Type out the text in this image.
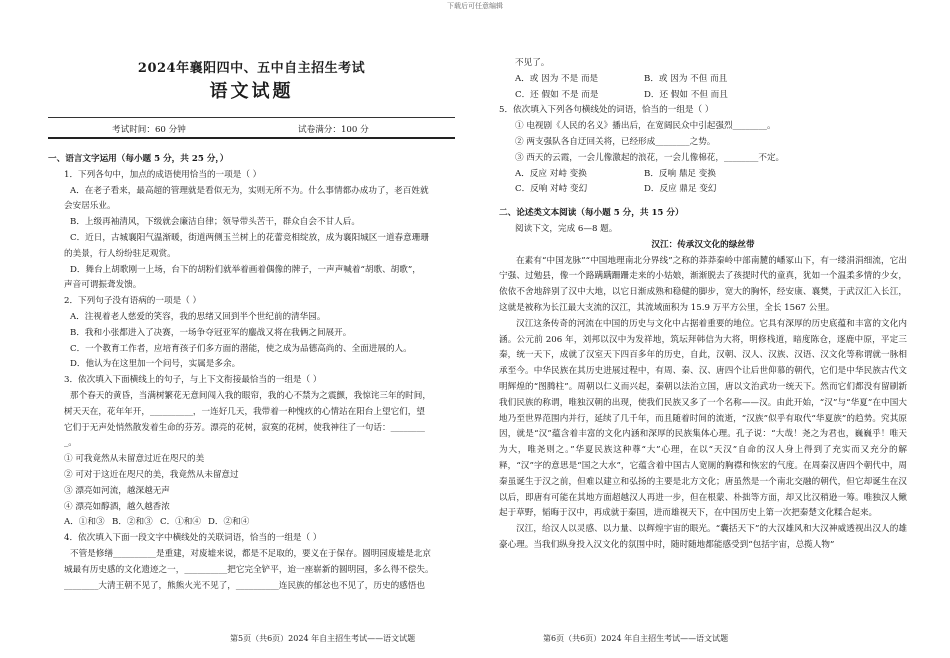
下载后可任意编辑
2024年襄阳四中、五中自主招生考试
语文试题
考试时间：60 分钟	试卷满分：100 分
一、语言文字运用（每小题 5 分，共 25 分，）
1．下列各句中，加点的成语使用恰当的一项是（ ）
A．在老子看来，最高超的管理就是看似无为，实则无所不为。什么事情都办成功了，老百姓就
会安居乐业。
B．上级再袖清风，下级就会廉洁自律；领导带头苦干，群众自会不甘人后。
C．近日，古城襄阳气温渐暖，街道两侧玉兰树上的花蕾竞相绽放，成为襄阳城区一道春意珊珊
的美景，行人纷纷驻足观赏。
D．舞台上胡歌刚一上场，台下的胡粉们就举着画着偶像的牌子，一声声喊着“胡歌、胡歌”，
声音可谓振聋发馈。
2．下列句子没有语病的一项是（ ）
A．注视着老人慈爱的笑容，我的思绪又回到半个世纪前的清华园。
B．我和小张都进入了决赛，一场争夺冠亚军的鏖战又将在我俩之间展开。
C．一个教育工作者，应培育孩子们多方面的潜能，使之成为品德高尚的、全面进展的人。
D．他认为在这里加一个问号，实属是多余。
3．依次填入下面横线上的句子，与上下文衔接最恰当的一组是（ ）
那个春天的黄昏，当满树繁花无意间闯入我的眼帘，我的心不禁为之震颤，我惊诧三年的时间，
树天天在，花年年开，__________，一连好几天，我带着一种愧疚的心情站在阳台上望它们，望
它们于无声处悄然散发着生命的芬芳。漂亮的花树，寂寞的花树，使我神往了一句话：________
_。
① 可我竟然从未留意过近在咫尺的美
② 可对于这近在咫尺的美，我竟然从未留意过
③ 漂亮如河流，越深越无声
④ 漂亮如醇酒，越久越香浓
A．①和③ B．②和③ C．①和④ D．②和④
4．依次填入下面一段文字中横线处的关联词语，恰当的一组是（ ）
不管是修缮__________是重建，对废墟来说，都是不足取的，要义在于保存。圆明园废墟是北京
城最有历史感的文化遗迹之一，__________把它完全铲平，迨一座崭新的圆明园，多么得不偿失。
________大清王朝不见了，熊熊火光不见了，__________连民族的郁忿也不见了，历史的感悟也
不见了。
A．或 因为 不是 而是	B．或 因为 不但 而且
C．还 假如 不是 而是	D．还 假如 不但 而且
5．依次填入下列各句横线处的词语，恰当的一组是（ ）
① 电视剧《人民的名义》播出后，在宽阔民众中引起强烈________。
② 两支强队各自迂回关将，已经形成________之势。
③ 西天的云霞，一会儿像激起的浪花，一会儿像棉花，________不定。
A．反应 对峙 变换	B．反响 鼎足 变换
C．反响 对峙 变幻	D．反应 鼎足 变幻
二、论述类文本阅读（每小题 5 分，共 15 分）
阅读下文，完成 6—8 题。
汉江：传承汉文化的绿丝带
在素有“中国龙脉”“中国地理南北分界线”之称的莽莽秦岭中部南麓的嶓冢山下，有一缕涓涓细流，它出宁强、过勉县，像一个路蹒蹒跚跚走来的小姑娘，渐渐脱去了孩提时代的童真，犹如一个温柔多情的少女，依依不舍地辞别了汉中大地，以它日渐成熟和稳健的脚步，宽大的胸怀，经安康、襄樊，于武汉汇入长江，这就是被称为长江最大支流的汉江，其流域面积为 15.9 万平方公里，全长 1567 公里。
汉江这条传奇的河流在中国的历史与文化中占据着重要的地位。它具有深厚的历史底蕴和丰富的文化内涵。公元前 206 年，刘邦以汉中为发祥地，筑坛拜韩信为大将，明修栈道，暗度陈仓，逐鹿中原，平定三秦，统一天下，成就了汉室天下四百多年的历史，自此，汉朝、汉人、汉族、汉语、汉文化等称谓就一脉相承至今。中华民族在其历史进展过程中，有周、秦、汉、唐四个让后世仰慕的朝代，它们是中华民族古代文明辉煌的“图腾柱”。周朝以仁义而兴起，秦朝以法治立国，唐以文治武功一统天下。然而它们都没有留刷新我们民族的称谓，唯独汉朝的出现，使我们民族又多了一个名称——汉。由此开始，“汉”与“华夏”在中国大地乃至世界范围内并行，延续了几千年，而且随着时间的流逝，“汉族”似乎有取代“华夏族”的趋势。究其原因，就是“汉”蕴含着丰富的文化内涵和深厚的民族集体心理。孔子说：“大哉！尧之为君也，巍巍乎！唯天为大，唯尧则之。”华夏民族这种尊“大”心理，在以“天汉”自命的汉人身上得到了充实而又充分的解释，“汉”字的意思是“国之大水”，它蕴含着中国古人宽厕的胸襟和恢宏的气度。在周秦汉唐四个朝代中，周秦虽诞生于汉之前，但难以建立和弘扬的主要是北方文化；唐虽然是一个南北交融的朝代，但它却诞生在汉以后，即唐有可能在其地方面超越汉人再进一步，但在根蒙、朴拙等方面，却又比汉稍逊一筹。唯独汉人鳅起于草野，韬晦于汉中，再成就于秦国，进而雄视天下，在中国历史上第一次把秦楚文化糅合起来。
汉江，给汉人以灵感、以力量、以辉煌宇宙的眼光。“囊括天下”的大汉雄风和大汉神威透视出汉人的雄豪心理。当我们纵身投入汉文化的氛围中时，随时随地都能感受到“包括宇宙，总揽人物”
第5页（共6页）2024 年自主招生考试——语文试题	第6页（共6页）2024 年自主招生考试——语文试题
